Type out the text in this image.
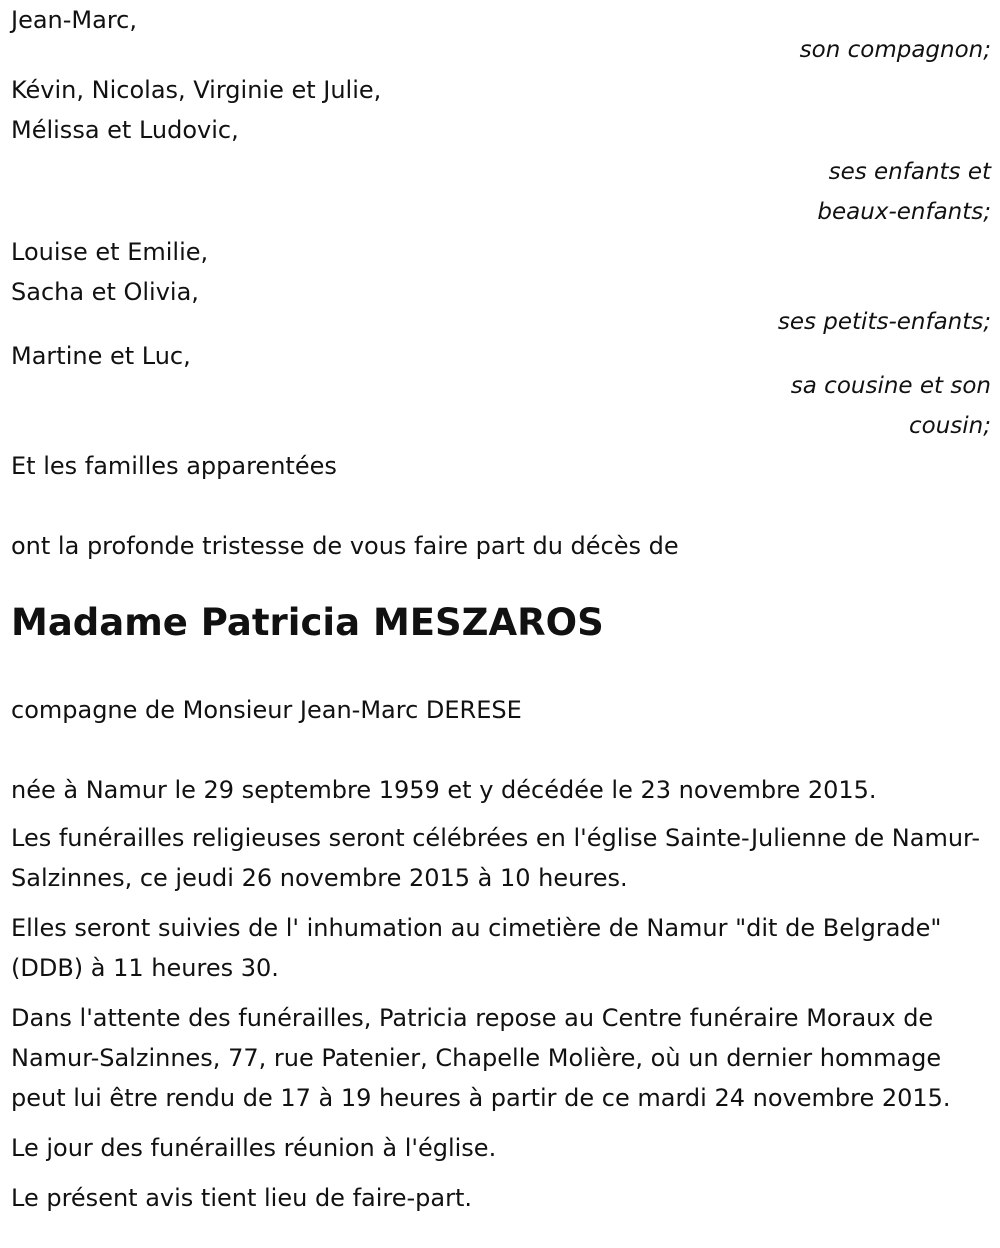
Jean-Marc,

son compagnon;

Kévin, Nicolas, Virginie et Julie,

Mélissa et Ludovic,

ses enfants et

beaux-enfants;

Louise et Emilie,

Sacha et Olivia,

ses petits-enfants;

Martine et Luc,

sa cousine et son

cousin;

Et les familles apparentées

ont la profonde tristesse de vous faire part du décès de

Madame Patricia MESZAROS

compagne de Monsieur Jean-Marc DERESE

née à Namur le 29 septembre 1959 et y décédée le 23 novembre 2015.

Les funérailles religieuses seront célébrées en l'église Sainte-Julienne de Namur-Salzinnes, ce jeudi 26 novembre 2015 à 10 heures.

Elles seront suivies de l' inhumation au cimetière de Namur "dit de Belgrade" (DDB) à 11 heures 30.

Dans l'attente des funérailles, Patricia repose au Centre funéraire Moraux de Namur-Salzinnes, 77, rue Patenier, Chapelle Molière, où un dernier hommage peut lui être rendu de 17 à 19 heures à partir de ce mardi 24 novembre 2015.

Le jour des funérailles réunion à l'église.

Le présent avis tient lieu de faire-part.
